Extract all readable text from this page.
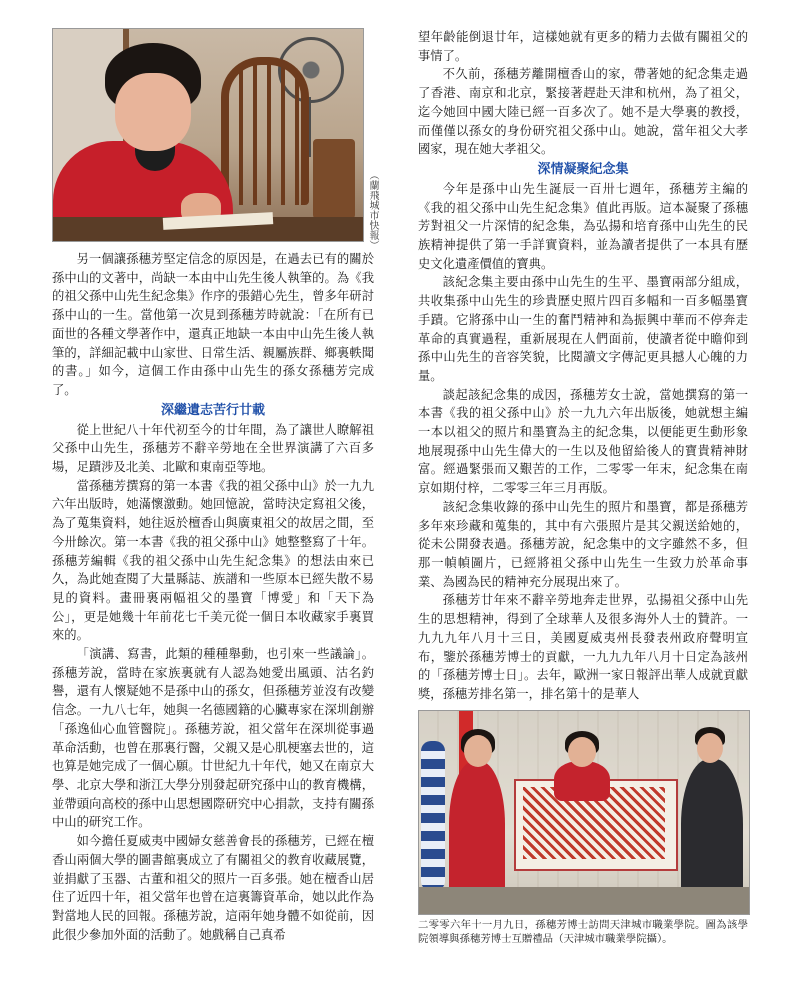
另一個讓孫穗芳堅定信念的原因是，在過去已有的關於孫中山的文著中，尚缺一本由中山先生後人執筆的。為《我的祖父孫中山先生紀念集》作序的張錯心先生，曾多年研討孫中山的一生。當他第一次見到孫穗芳時就說：「在所有已面世的各種文學著作中，還真正地缺一本由中山先生後人執筆的，詳細記載中山家世、日常生活、親屬族群、鄉裏軼聞的書。」如今，這個工作由孫中山先生的孫女孫穗芳完成了。

深繼遺志苦行廿載

從上世紀八十年代初至今的廿年間，為了讓世人瞭解祖父孫中山先生，孫穗芳不辭辛勞地在全世界演講了六百多場，足蹟涉及北美、北歐和東南亞等地。

當孫穗芳撰寫的第一本書《我的祖父孫中山》於一九九六年出版時，她滿懷激動。她回憶說，當時決定寫祖父後，為了蒐集資料，她往返於檀香山與廣東祖父的故居之間，至今卅餘次。第一本書《我的祖父孫中山》她整整寫了十年。孫穗芳編輯《我的祖父孫中山先生紀念集》的想法由來已久，為此她查閱了大量縣誌、族譜和一些原本已經失散不易見的資料。畫冊裏兩幅祖父的墨寶「博愛」和「天下為公」，更是她幾十年前花七千美元從一個日本收藏家手裏買來的。

「演講、寫書，此類的種種舉動，也引來一些議論」。孫穗芳說，當時在家族裏就有人認為她愛出風頭、沽名釣譽，還有人懷疑她不是孫中山的孫女，但孫穗芳並沒有改變信念。一九八七年，她與一名德國籍的心臟專家在深圳創辦「孫逸仙心血管醫院」。孫穗芳說，祖父當年在深圳從事過革命活動，也曾在那裏行醫，父親又是心肌梗塞去世的，這也算是她完成了一個心願。廿世紀九十年代，她又在南京大學、北京大學和浙江大學分別發起研究孫中山的教育機構，並帶頭向高校的孫中山思想國際研究中心捐款，支持有關孫中山的研究工作。

如今擔任夏威夷中國婦女慈善會長的孫穗芳，已經在檀香山兩個大學的圖書館裏成立了有關祖父的教育收藏展覽，並捐獻了玉器、古董和祖父的照片一百多張。她在檀香山居住了近四十年，祖父當年也曾在這裏籌資革命，她以此作為對當地人民的回報。孫穗芳說，這兩年她身體不如從前，因此很少參加外面的活動了。她戲稱自己真希

（蘭飛城市快報）

望年齡能倒退廿年，這樣她就有更多的精力去做有關祖父的事情了。

不久前，孫穗芳離開檀香山的家，帶著她的紀念集走過了香港、南京和北京，緊接著趕赴天津和杭州，為了祖父，迄今她回中國大陸已經一百多次了。她不是大學裏的教授，而僅僅以孫女的身份研究祖父孫中山。她說，當年祖父大孝國家，現在她大孝祖父。

深情凝聚紀念集

今年是孫中山先生誕辰一百卅七週年，孫穗芳主編的《我的祖父孫中山先生紀念集》值此再版。這本凝聚了孫穗芳對祖父一片深情的紀念集，為弘揚和培育孫中山先生的民族精神提供了第一手詳實資料，並為讀者提供了一本具有歷史文化遺產價值的寶典。

該紀念集主要由孫中山先生的生平、墨寶兩部分組成，共收集孫中山先生的珍貴歷史照片四百多幅和一百多幅墨寶手蹟。它將孫中山一生的奮鬥精神和為振興中華而不停奔走革命的真實過程，重新展現在人們面前，使讀者從中瞻仰到孫中山先生的音容笑貌，比閱讀文字傳記更具撼人心魄的力量。

談起該紀念集的成因，孫穗芳女士說，當她撰寫的第一本書《我的祖父孫中山》於一九九六年出版後，她就想主編一本以祖父的照片和墨寶為主的紀念集，以便能更生動形象地展現孫中山先生偉大的一生以及他留給後人的寶貴精神財富。經過緊張而又艱苦的工作，二零零一年末，紀念集在南京如期付梓，二零零三年三月再版。

該紀念集收錄的孫中山先生的照片和墨寶，都是孫穗芳多年來珍藏和蒐集的，其中有六張照片是其父親送給她的，從未公開發表過。孫穗芳說，紀念集中的文字雖然不多，但那一幀幀圖片，已經將祖父孫中山先生一生致力於革命事業、為國為民的精神充分展現出來了。

孫穗芳廿年來不辭辛勞地奔走世界，弘揚祖父孫中山先生的思想精神，得到了全球華人及很多海外人士的贊許。一九九九年八月十三日，美國夏威夷州長發表州政府聲明宣布，鑒於孫穗芳博士的貢獻，一九九九年八月十日定為該州的「孫穗芳博士日」。去年，歐洲一家日報評出華人成就貢獻獎，孫穗芳排名第一，排名第十的是華人

二零零六年十一月九日，孫穗芳博士訪問天津城市職業學院。圖為該學院領導與孫穗芳博士互贈禮品（天津城市職業學院攝）。
